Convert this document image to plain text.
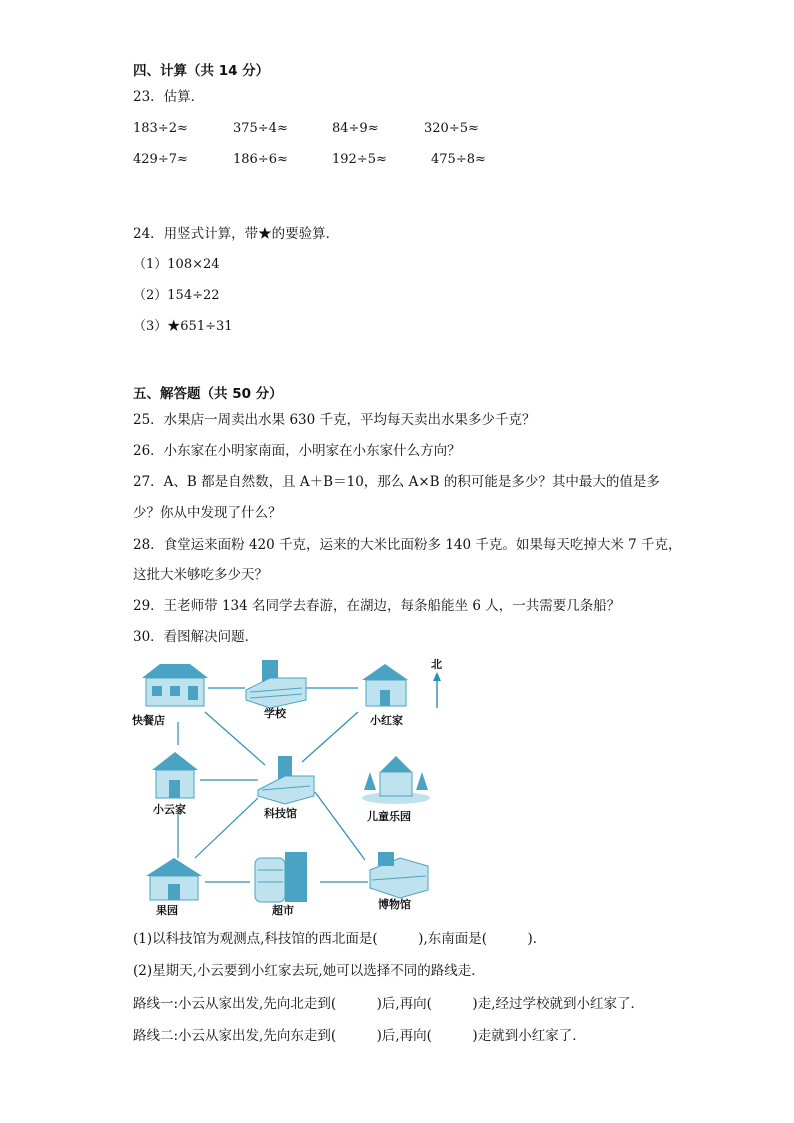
四、计算（共 14 分）
23．估算．
183÷2≈	375÷4≈	84÷9≈	320÷5≈
429÷7≈	186÷6≈	192÷5≈	475÷8≈
24．用竖式计算，带★的要验算．
（1）108×24
（2）154÷22
（3）★651÷31
五、解答题（共 50 分）
25．水果店一周卖出水果 630 千克，平均每天卖出水果多少千克？
26．小东家在小明家南面，小明家在小东家什么方向？
27．A、B 都是自然数，且 A＋B＝10，那么 A×B 的积可能是多少？其中最大的值是多
少？你从中发现了什么？
28．食堂运来面粉 420 千克，运来的大米比面粉多 140 千克。如果每天吃掉大米 7 千克，
这批大米够吃多少天？
29．王老师带 134 名同学去春游，在湖边，每条船能坐 6 人，一共需要几条船？
30．看图解决问题．
北
快餐店
学校
小红家
小云家	科技馆	儿童乐园
果园	超市	博物馆
(1)以科技馆为观测点,科技馆的西北面是(　　　),东南面是(　　　)．
(2)星期天,小云要到小红家去玩,她可以选择不同的路线走．
路线一:小云从家出发,先向北走到(　　　)后,再向(　　　)走,经过学校就到小红家了．
路线二:小云从家出发,先向东走到(　　　)后,再向(　　　)走就到小红家了．
